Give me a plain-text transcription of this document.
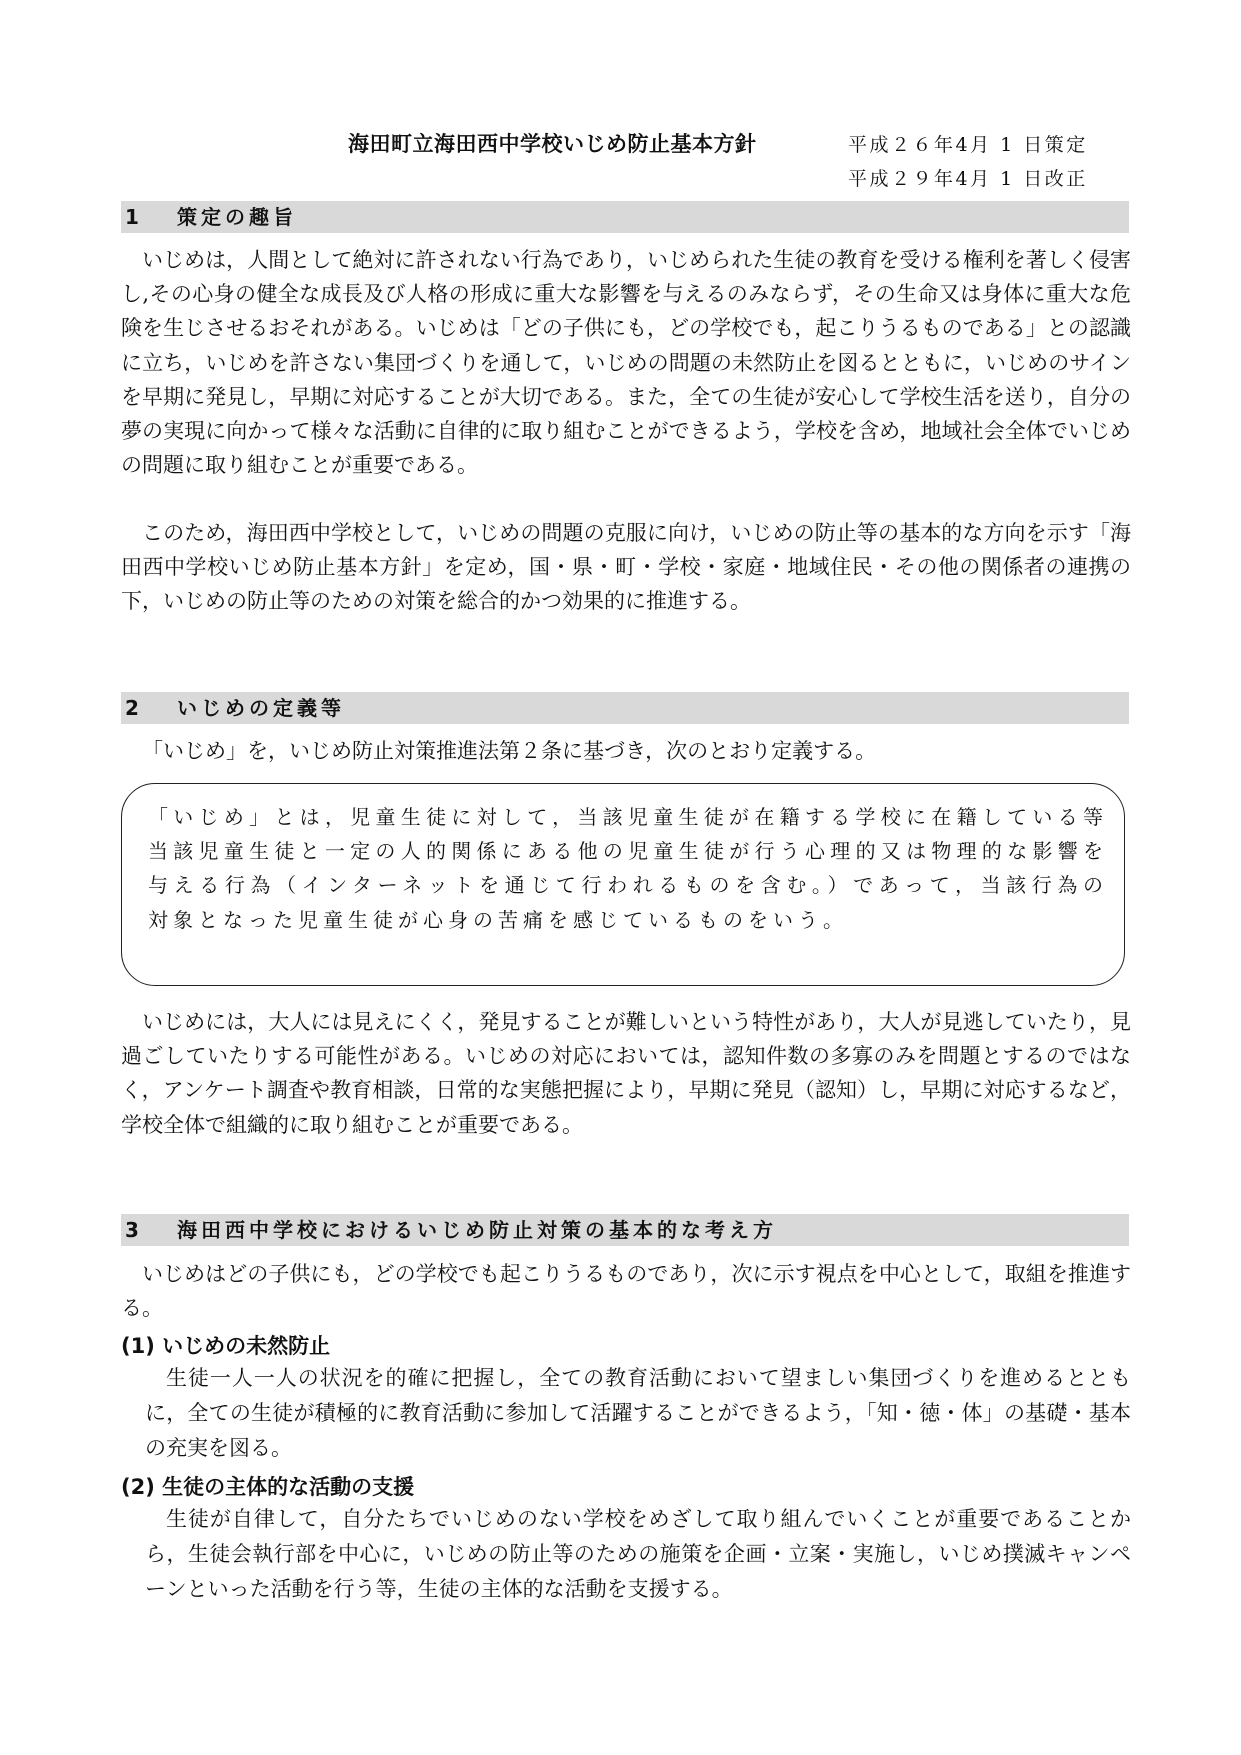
海田町立海田西中学校いじめ防止基本方針	平成２６年4月 1 日策定
平成２９年4月 1 日改正
1 策定の趣旨

いじめは，人間として絶対に許されない行為であり，いじめられた生徒の教育を受ける権利を著しく侵害し,その心身の健全な成長及び人格の形成に重大な影響を与えるのみならず，その生命又は身体に重大な危険を生じさせるおそれがある。いじめは「どの子供にも，どの学校でも，起こりうるものである」との認識に立ち，いじめを許さない集団づくりを通して，いじめの問題の未然防止を図るとともに，いじめのサインを早期に発見し，早期に対応することが大切である。また，全ての生徒が安心して学校生活を送り，自分の夢の実現に向かって様々な活動に自律的に取り組むことができるよう，学校を含め，地域社会全体でいじめの問題に取り組むことが重要である。

このため，海田西中学校として，いじめの問題の克服に向け，いじめの防止等の基本的な方向を示す「海田西中学校いじめ防止基本方針」を定め，国・県・町・学校・家庭・地域住民・その他の関係者の連携の下，いじめの防止等のための対策を総合的かつ効果的に推進する。

2 いじめの定義等

「いじめ」を，いじめ防止対策推進法第２条に基づき，次のとおり定義する。

「いじめ」とは，児童生徒に対して，当該児童生徒が在籍する学校に在籍している等当該児童生徒と一定の人的関係にある他の児童生徒が行う心理的又は物理的な影響を与える行為（インターネットを通じて行われるものを含む。）であって，当該行為の対象となった児童生徒が心身の苦痛を感じているものをいう。

いじめには，大人には見えにくく，発見することが難しいという特性があり，大人が見逃していたり，見過ごしていたりする可能性がある。いじめの対応においては，認知件数の多寡のみを問題とするのではなく，アンケート調査や教育相談，日常的な実態把握により，早期に発見（認知）し，早期に対応するなど，学校全体で組織的に取り組むことが重要である。

3 海田西中学校におけるいじめ防止対策の基本的な考え方

いじめはどの子供にも，どの学校でも起こりうるものであり，次に示す視点を中心として，取組を推進する。

(1) いじめの未然防止

生徒一人一人の状況を的確に把握し，全ての教育活動において望ましい集団づくりを進めるとともに，全ての生徒が積極的に教育活動に参加して活躍することができるよう，「知・徳・体」の基礎・基本の充実を図る。

(2) 生徒の主体的な活動の支援

生徒が自律して，自分たちでいじめのない学校をめざして取り組んでいくことが重要であることから，生徒会執行部を中心に，いじめの防止等のための施策を企画・立案・実施し，いじめ撲滅キャンペーンといった活動を行う等，生徒の主体的な活動を支援する。
